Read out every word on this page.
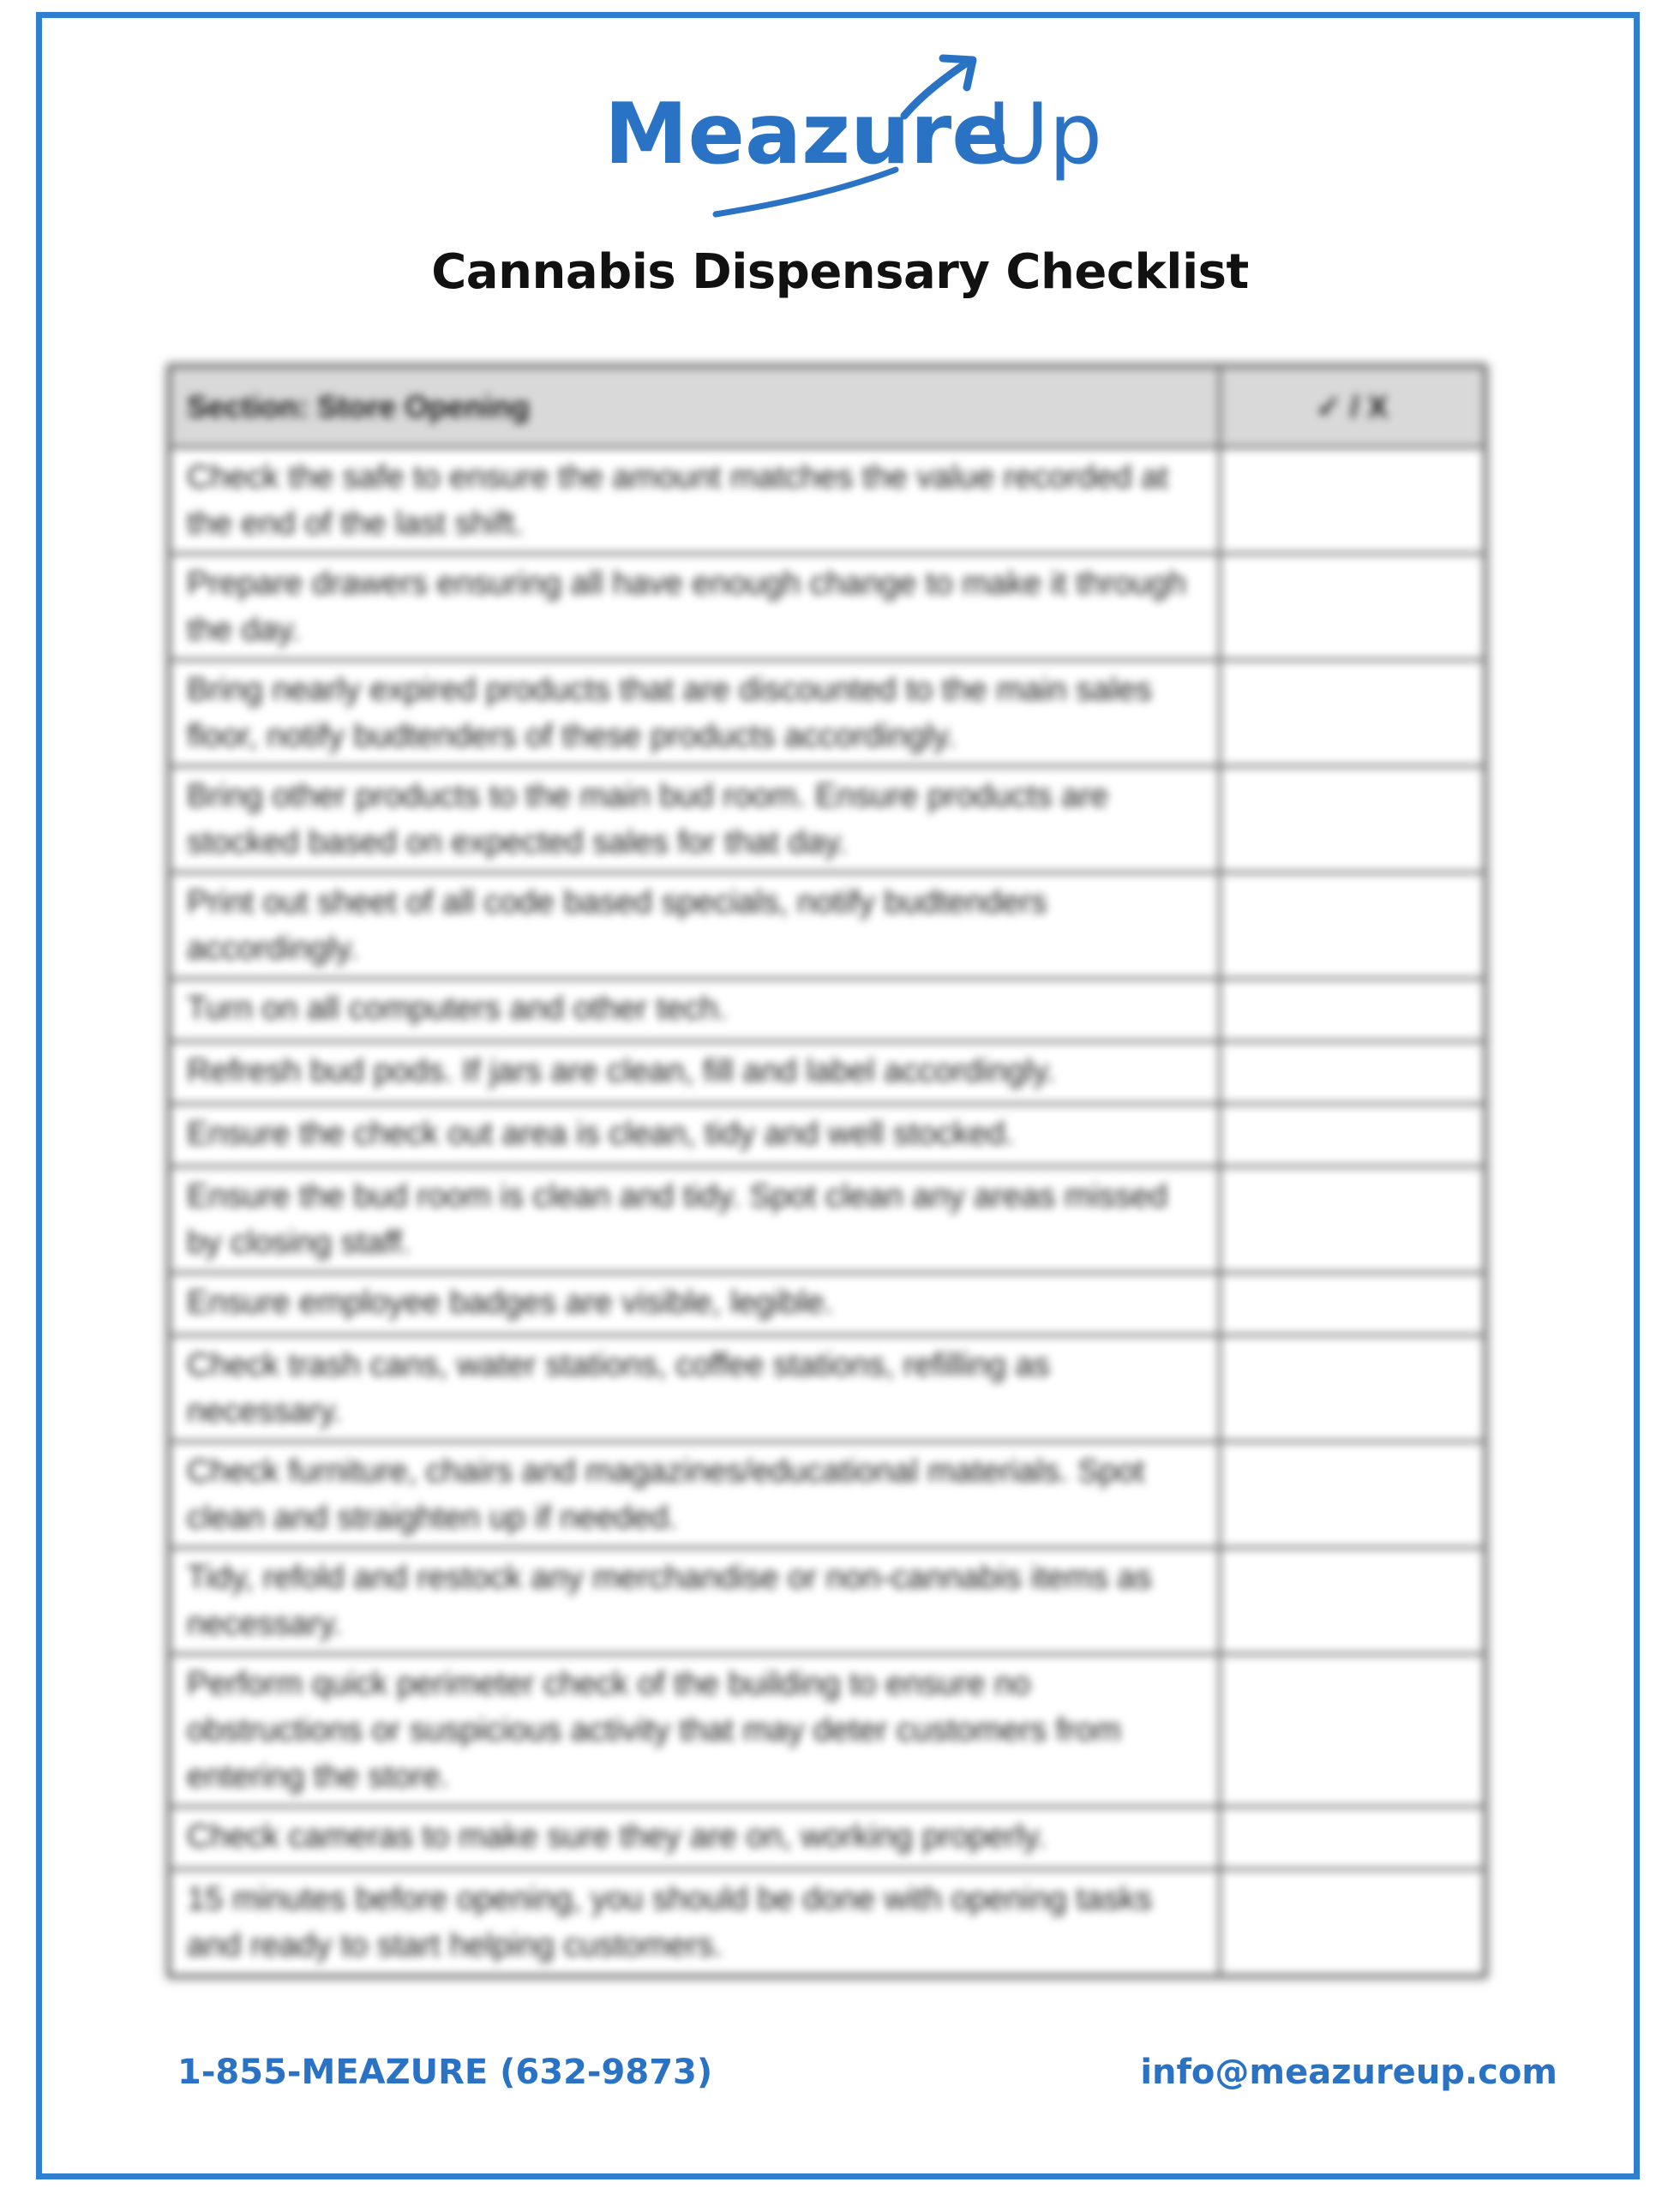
Meazure
Up
Cannabis Dispensary Checklist
Section: Store Opening	✓ / X
Check the safe to ensure the amount matches the value recorded at the end of the last shift.	
Prepare drawers ensuring all have enough change to make it through the day.	
Bring nearly expired products that are discounted to the main sales floor, notify budtenders of these products accordingly.	
Bring other products to the main bud room. Ensure products are stocked based on expected sales for that day.	
Print out sheet of all code based specials, notify budtenders accordingly.	
Turn on all computers and other tech.	
Refresh bud pods. If jars are clean, fill and label accordingly.	
Ensure the check out area is clean, tidy and well stocked.	
Ensure the bud room is clean and tidy. Spot clean any areas missed by closing staff.	
Ensure employee badges are visible, legible.	
Check trash cans, water stations, coffee stations, refilling as necessary.	
Check furniture, chairs and magazines/educational materials. Spot clean and straighten up if needed.	
Tidy, refold and restock any merchandise or non-cannabis items as necessary.	
Perform quick perimeter check of the building to ensure no obstructions or suspicious activity that may deter customers from entering the store.	
Check cameras to make sure they are on, working properly.	
15 minutes before opening, you should be done with opening tasks and ready to start helping customers.	
1-855-MEAZURE (632-9873)	info@meazureup.com
